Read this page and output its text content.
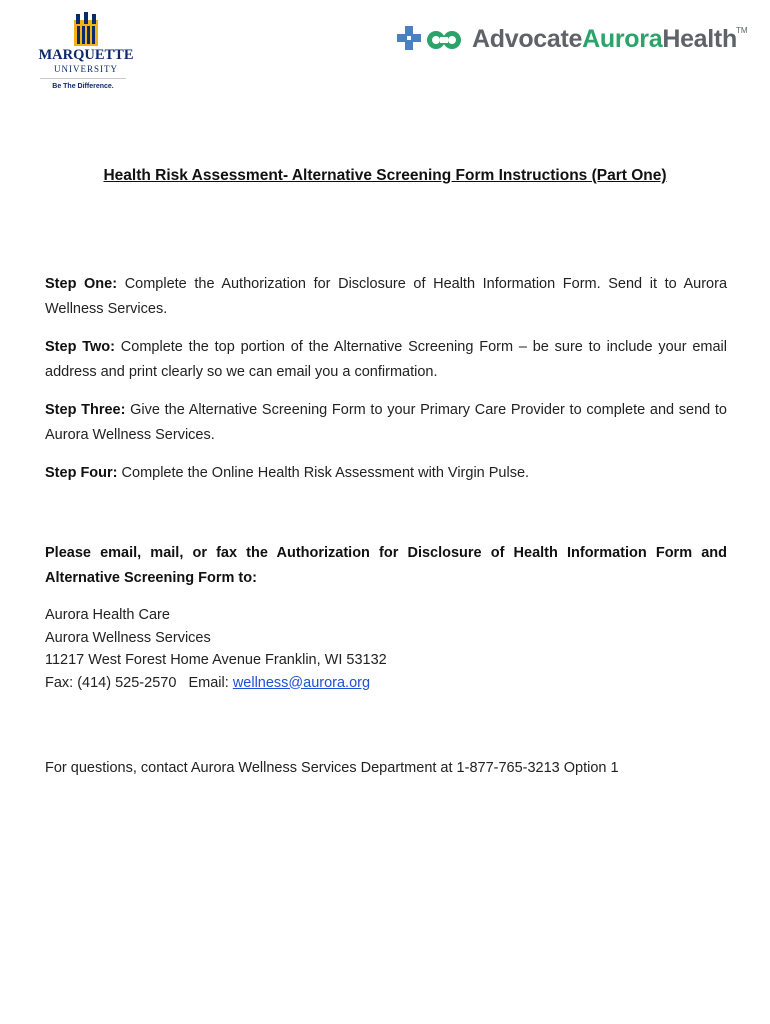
MARQUETTE
UNIVERSITY
Be The Difference.
AdvocateAuroraHealth TM
Health Risk Assessment- Alternative Screening Form Instructions (Part One)

Step One: Complete the Authorization for Disclosure of Health Information Form. Send it to Aurora Wellness Services.

Step Two: Complete the top portion of the Alternative Screening Form – be sure to include your email address and print clearly so we can email you a confirmation.

Step Three: Give the Alternative Screening Form to your Primary Care Provider to complete and send to Aurora Wellness Services.

Step Four: Complete the Online Health Risk Assessment with Virgin Pulse.

Please email, mail, or fax the Authorization for Disclosure of Health Information Form and Alternative Screening Form to:
Aurora Health Care
Aurora Wellness Services
11217 West Forest Home Avenue Franklin, WI 53132
Fax: (414) 525-2570 Email: wellness@aurora.org
For questions, contact Aurora Wellness Services Department at 1-877-765-3213 Option 1
